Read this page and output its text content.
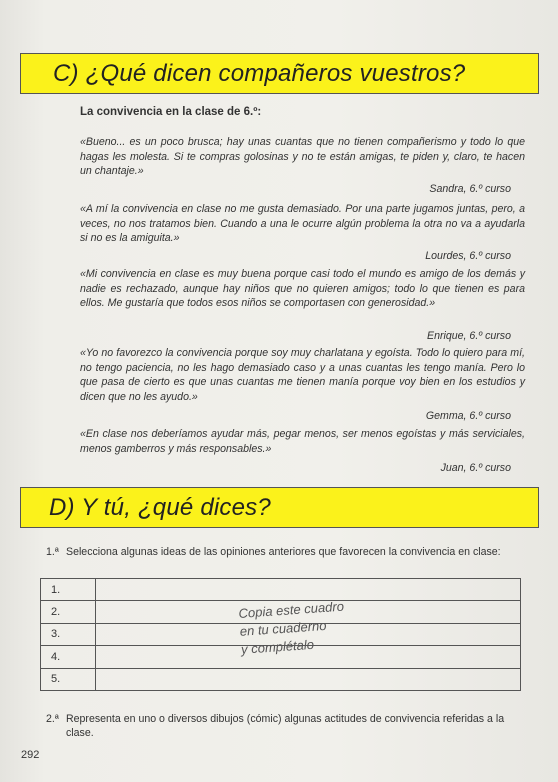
C) ¿Qué dicen compañeros vuestros?
La convivencia en la clase de 6.º:
«Bueno... es un poco brusca; hay unas cuantas que no tienen compañerismo y todo lo que hagas les molesta. Si te compras golosinas y no te están amigas, te piden y, claro, te hacen un chantaje.»
Sandra, 6.º curso
«A mí la convivencia en clase no me gusta demasiado. Por una parte jugamos juntas, pero, a veces, no nos tratamos bien. Cuando a una le ocurre algún problema la otra no va a ayudarla si no es la amiguita.»
Lourdes, 6.º curso
«Mi convivencia en clase es muy buena porque casi todo el mundo es amigo de los demás y nadie es rechazado, aunque hay niños que no quieren amigos; todo lo que tienen es para ellos. Me gustaría que todos esos niños se comportasen con generosidad.»
Enrique, 6.º curso
«Yo no favorezco la convivencia porque soy muy charlatana y egoísta. Todo lo quiero para mí, no tengo paciencia, no les hago demasiado caso y a unas cuantas les tengo manía. Pero lo que pasa de cierto es que unas cuantas me tienen manía porque voy bien en los estudios y dicen que no les ayudo.»
Gemma, 6.º curso
«En clase nos deberíamos ayudar más, pegar menos, ser menos egoístas y más serviciales, menos gamberros y más responsables.»
Juan, 6.º curso
D) Y tú, ¿qué dices?
1.ª Selecciona algunas ideas de las opiniones anteriores que favorecen la convivencia en clase:
1.	
2.	
3.	
4.	
5.	
Copia este cuadro
en tu cuaderno
y complétalo
2.ª Representa en uno o diversos dibujos (cómic) algunas actitudes de convivencia referidas a la clase.
292
